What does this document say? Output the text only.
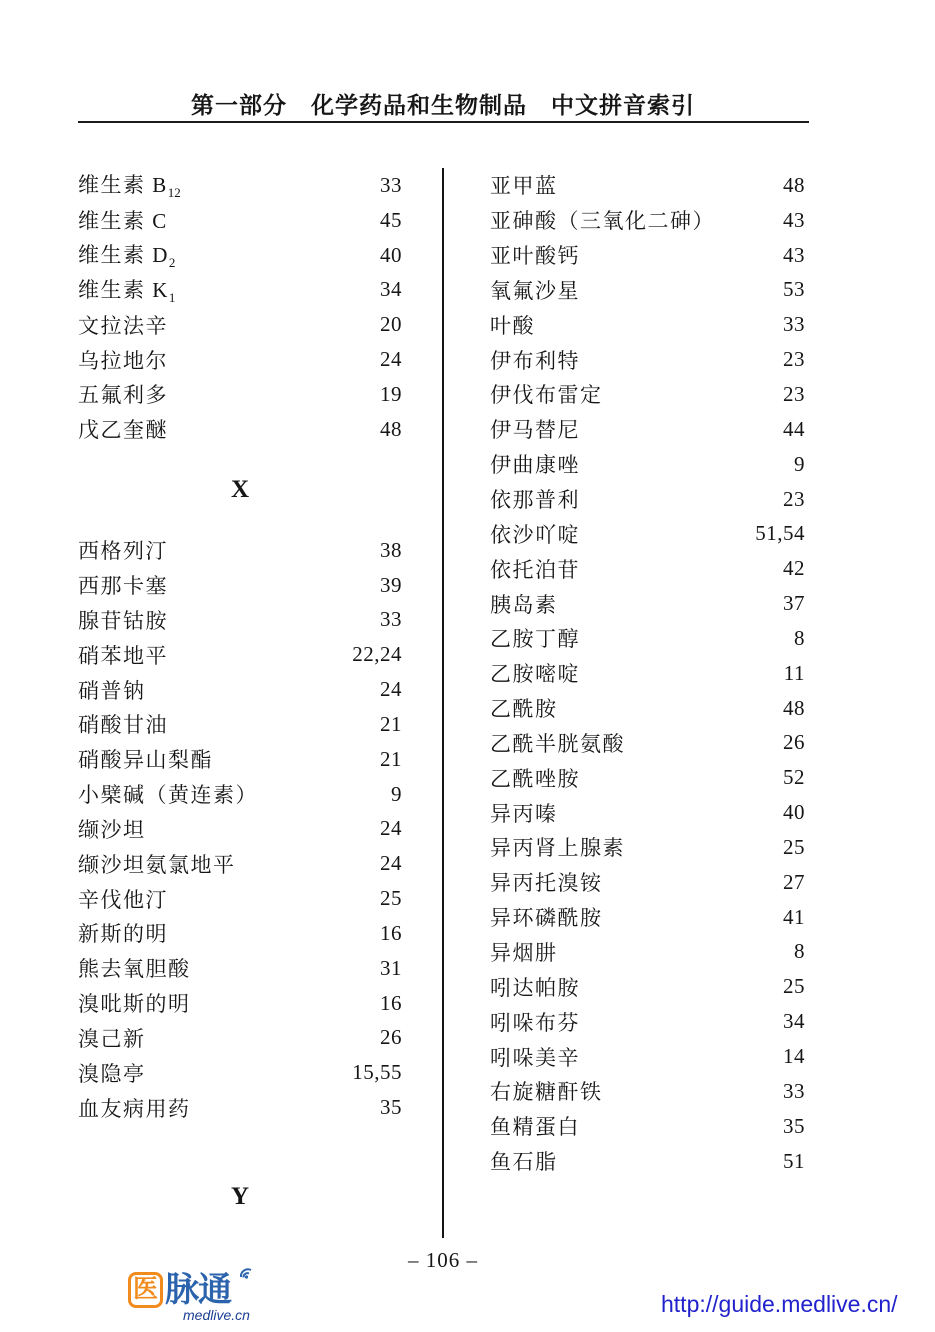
第一部分　化学药品和生物制品　中文拼音索引
维生素 $B_{12}$	33
维生素 C	45
维生素 $D_2$	40
维生素 $K_1$	34
文拉法辛	20
乌拉地尔	24
五氟利多	19
戊乙奎醚	48
X
西格列汀	38
西那卡塞	39
腺苷钴胺	33
硝苯地平	22,24
硝普钠	24
硝酸甘油	21
硝酸异山梨酯	21
小檗碱（黄连素）	9
缬沙坦	24
缬沙坦氨氯地平	24
辛伐他汀	25
新斯的明	16
熊去氧胆酸	31
溴吡斯的明	16
溴己新	26
溴隐亭	15,55
血友病用药	35
Y
亚甲蓝	48
亚砷酸（三氧化二砷）	43
亚叶酸钙	43
氧氟沙星	53
叶酸	33
伊布利特	23
伊伐布雷定	23
伊马替尼	44
伊曲康唑	9
依那普利	23
依沙吖啶	51,54
依托泊苷	42
胰岛素	37
乙胺丁醇	8
乙胺嘧啶	11
乙酰胺	48
乙酰半胱氨酸	26
乙酰唑胺	52
异丙嗪	40
异丙肾上腺素	25
异丙托溴铵	27
异环磷酰胺	41
异烟肼	8
吲达帕胺	25
吲哚布芬	34
吲哚美辛	14
右旋糖酐铁	33
鱼精蛋白	35
鱼石脂	51
– 106 –
医 脉通
medlive.cn	http://guide.medlive.cn/
